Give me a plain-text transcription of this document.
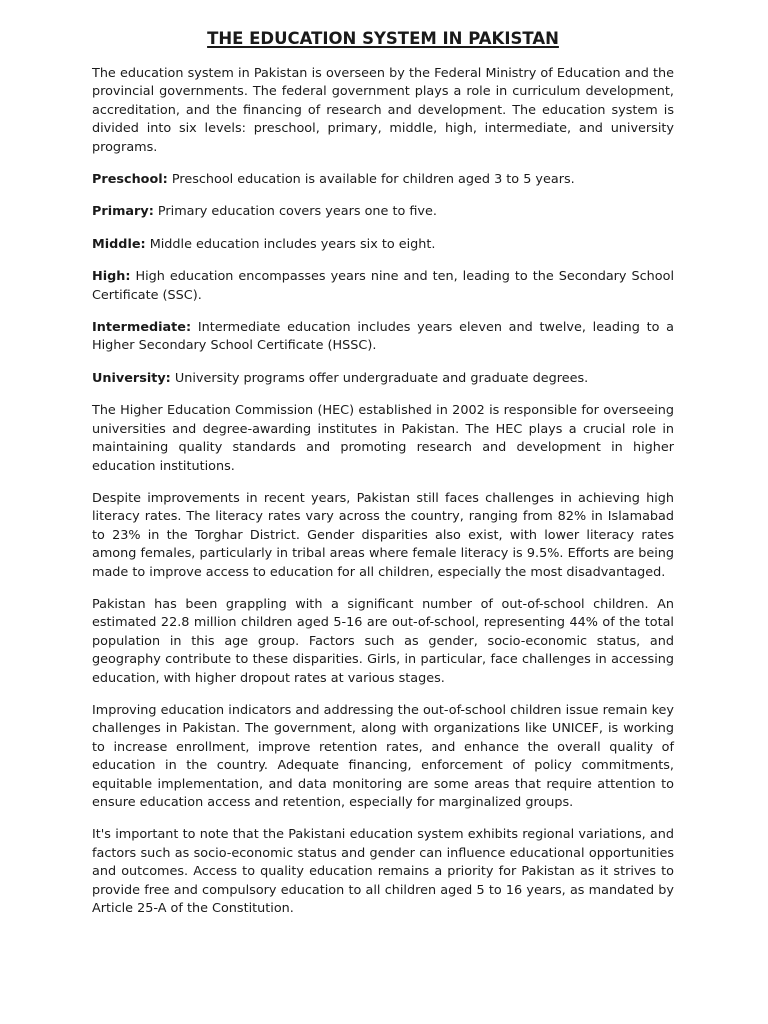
THE EDUCATION SYSTEM IN PAKISTAN

The education system in Pakistan is overseen by the Federal Ministry of Education and the provincial governments. The federal government plays a role in curriculum development, accreditation, and the financing of research and development. The education system is divided into six levels: preschool, primary, middle, high, intermediate, and university programs.

Preschool: Preschool education is available for children aged 3 to 5 years.

Primary: Primary education covers years one to five.

Middle: Middle education includes years six to eight.

High: High education encompasses years nine and ten, leading to the Secondary School Certificate (SSC).

Intermediate: Intermediate education includes years eleven and twelve, leading to a Higher Secondary School Certificate (HSSC).

University: University programs offer undergraduate and graduate degrees.

The Higher Education Commission (HEC) established in 2002 is responsible for overseeing universities and degree-awarding institutes in Pakistan. The HEC plays a crucial role in maintaining quality standards and promoting research and development in higher education institutions.

Despite improvements in recent years, Pakistan still faces challenges in achieving high literacy rates. The literacy rates vary across the country, ranging from 82% in Islamabad to 23% in the Torghar District. Gender disparities also exist, with lower literacy rates among females, particularly in tribal areas where female literacy is 9.5%. Efforts are being made to improve access to education for all children, especially the most disadvantaged.

Pakistan has been grappling with a significant number of out-of-school children. An estimated 22.8 million children aged 5-16 are out-of-school, representing 44% of the total population in this age group. Factors such as gender, socio-economic status, and geography contribute to these disparities. Girls, in particular, face challenges in accessing education, with higher dropout rates at various stages.

Improving education indicators and addressing the out-of-school children issue remain key challenges in Pakistan. The government, along with organizations like UNICEF, is working to increase enrollment, improve retention rates, and enhance the overall quality of education in the country. Adequate financing, enforcement of policy commitments, equitable implementation, and data monitoring are some areas that require attention to ensure education access and retention, especially for marginalized groups.

It's important to note that the Pakistani education system exhibits regional variations, and factors such as socio-economic status and gender can influence educational opportunities and outcomes. Access to quality education remains a priority for Pakistan as it strives to provide free and compulsory education to all children aged 5 to 16 years, as mandated by Article 25-A of the Constitution.
